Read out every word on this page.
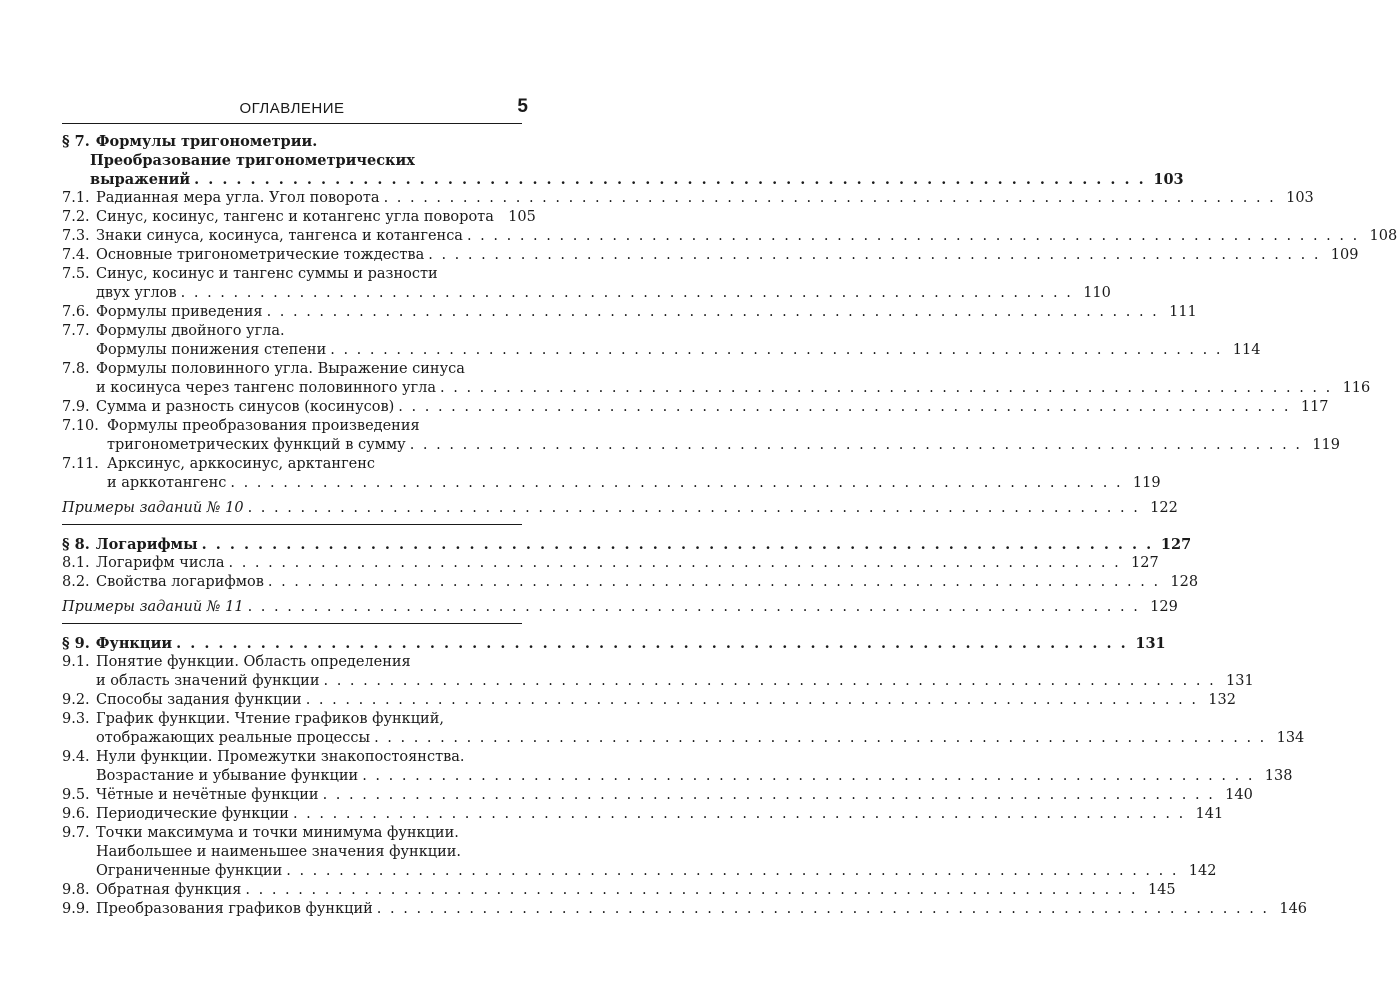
ОГЛАВЛЕНИЕ	5
§ 7. Формулы тригонометрии.
Преобразование тригонометрических
выражений . . . . . . . . . . . . . . . . . . . . . . . . . . . . . . . . . . . . . . . . . . . . . . . . . . . . . . . . . . . . . . . . . . . . 103
7.1. Радианная мера угла. Угол поворота . . . . . . . . . . . . . . . . . . . . . . . . . . . . . . . . . . . . . . . . . . . . . . . . . . . . . . . . . . . . . . . . . . . . 103
7.2. Синус, косинус, тангенс и котангенс угла поворота 105
7.3. Знаки синуса, косинуса, тангенса и котангенса . . . . . . . . . . . . . . . . . . . . . . . . . . . . . . . . . . . . . . . . . . . . . . . . . . . . . . . . . . . . . . . . . . . . 108
7.4. Основные тригонометрические тождества . . . . . . . . . . . . . . . . . . . . . . . . . . . . . . . . . . . . . . . . . . . . . . . . . . . . . . . . . . . . . . . . . . . . 109
7.5. Синус, косинус и тангенс суммы и разности
двух углов . . . . . . . . . . . . . . . . . . . . . . . . . . . . . . . . . . . . . . . . . . . . . . . . . . . . . . . . . . . . . . . . . . . . 110
7.6. Формулы приведения . . . . . . . . . . . . . . . . . . . . . . . . . . . . . . . . . . . . . . . . . . . . . . . . . . . . . . . . . . . . . . . . . . . . 111
7.7. Формулы двойного угла.
Формулы понижения степени . . . . . . . . . . . . . . . . . . . . . . . . . . . . . . . . . . . . . . . . . . . . . . . . . . . . . . . . . . . . . . . . . . . . 114
7.8. Формулы половинного угла. Выражение синуса
и косинуса через тангенс половинного угла . . . . . . . . . . . . . . . . . . . . . . . . . . . . . . . . . . . . . . . . . . . . . . . . . . . . . . . . . . . . . . . . . . . . 116
7.9. Сумма и разность синусов (косинусов) . . . . . . . . . . . . . . . . . . . . . . . . . . . . . . . . . . . . . . . . . . . . . . . . . . . . . . . . . . . . . . . . . . . . 117
7.10. Формулы преобразования произведения
тригонометрических функций в сумму . . . . . . . . . . . . . . . . . . . . . . . . . . . . . . . . . . . . . . . . . . . . . . . . . . . . . . . . . . . . . . . . . . . . 119
7.11. Арксинус, арккосинус, арктангенс
и арккотангенс . . . . . . . . . . . . . . . . . . . . . . . . . . . . . . . . . . . . . . . . . . . . . . . . . . . . . . . . . . . . . . . . . . . . 119
Примеры заданий № 10 . . . . . . . . . . . . . . . . . . . . . . . . . . . . . . . . . . . . . . . . . . . . . . . . . . . . . . . . . . . . . . . . . . . . 122
§ 8. Логарифмы . . . . . . . . . . . . . . . . . . . . . . . . . . . . . . . . . . . . . . . . . . . . . . . . . . . . . . . . . . . . . . . . . . . . 127
8.1. Логарифм числа . . . . . . . . . . . . . . . . . . . . . . . . . . . . . . . . . . . . . . . . . . . . . . . . . . . . . . . . . . . . . . . . . . . . 127
8.2. Свойства логарифмов . . . . . . . . . . . . . . . . . . . . . . . . . . . . . . . . . . . . . . . . . . . . . . . . . . . . . . . . . . . . . . . . . . . . 128
Примеры заданий № 11 . . . . . . . . . . . . . . . . . . . . . . . . . . . . . . . . . . . . . . . . . . . . . . . . . . . . . . . . . . . . . . . . . . . . 129
§ 9. Функции . . . . . . . . . . . . . . . . . . . . . . . . . . . . . . . . . . . . . . . . . . . . . . . . . . . . . . . . . . . . . . . . . . . . 131
9.1. Понятие функции. Область определения
и область значений функции . . . . . . . . . . . . . . . . . . . . . . . . . . . . . . . . . . . . . . . . . . . . . . . . . . . . . . . . . . . . . . . . . . . . 131
9.2. Способы задания функции . . . . . . . . . . . . . . . . . . . . . . . . . . . . . . . . . . . . . . . . . . . . . . . . . . . . . . . . . . . . . . . . . . . . 132
9.3. График функции. Чтение графиков функций,
отображающих реальные процессы . . . . . . . . . . . . . . . . . . . . . . . . . . . . . . . . . . . . . . . . . . . . . . . . . . . . . . . . . . . . . . . . . . . . 134
9.4. Нули функции. Промежутки знакопостоянства.
Возрастание и убывание функции . . . . . . . . . . . . . . . . . . . . . . . . . . . . . . . . . . . . . . . . . . . . . . . . . . . . . . . . . . . . . . . . . . . . 138
9.5. Чётные и нечётные функции . . . . . . . . . . . . . . . . . . . . . . . . . . . . . . . . . . . . . . . . . . . . . . . . . . . . . . . . . . . . . . . . . . . . 140
9.6. Периодические функции . . . . . . . . . . . . . . . . . . . . . . . . . . . . . . . . . . . . . . . . . . . . . . . . . . . . . . . . . . . . . . . . . . . . 141
9.7. Точки максимума и точки минимума функции.
Наибольшее и наименьшее значения функции.
Ограниченные функции . . . . . . . . . . . . . . . . . . . . . . . . . . . . . . . . . . . . . . . . . . . . . . . . . . . . . . . . . . . . . . . . . . . . 142
9.8. Обратная функция . . . . . . . . . . . . . . . . . . . . . . . . . . . . . . . . . . . . . . . . . . . . . . . . . . . . . . . . . . . . . . . . . . . . 145
9.9. Преобразования графиков функций . . . . . . . . . . . . . . . . . . . . . . . . . . . . . . . . . . . . . . . . . . . . . . . . . . . . . . . . . . . . . . . . . . . . 146
